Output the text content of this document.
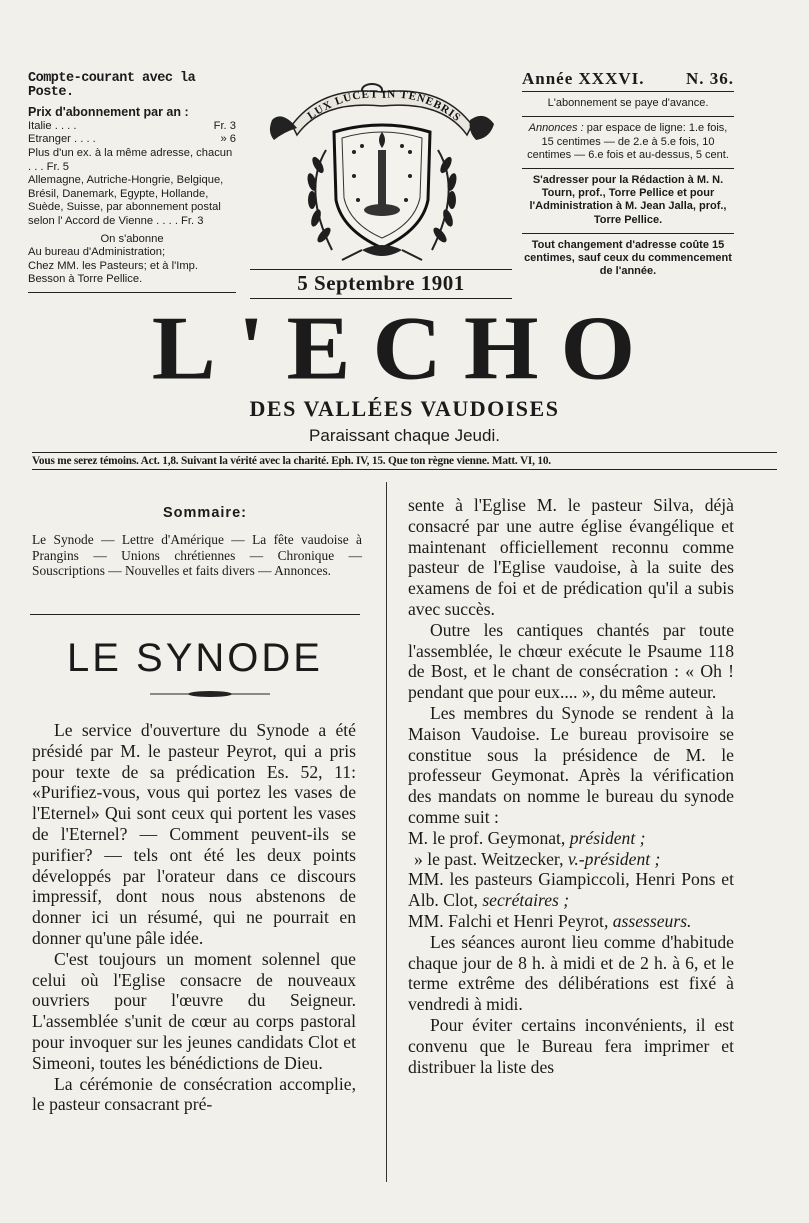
Compte-courant avec la Poste.
Prix d'abonnement par an :
Italie . . . .	Fr. 3
Etranger . . . .	» 6
Plus d'un ex. à la même adresse, chacun . . . Fr. 5
Allemagne, Autriche-Hongrie, Belgique, Brésil, Danemark, Egypte, Hollande, Suède, Suisse, par abonnement postal selon l' Accord de Vienne . . . . Fr. 3
On s'abonne
Au bureau d'Administration;
Chez MM. les Pasteurs; et à l'Imp. Besson à Torre Pellice.
LUX LUCET IN TENEBRIS
5 Septembre 1901
Année XXXVI. N. 36.
L'abonnement se paye d'avance.
Annonces : par espace de ligne: 1.e fois, 15 centimes — de 2.e à 5.e fois, 10 centimes — 6.e fois et au-dessus, 5 cent.
S'adresser pour la Rédaction à M. N. Tourn, prof., Torre Pellice et pour l'Administration à M. Jean Jalla, prof., Torre Pellice.
Tout changement d'adresse coûte 15 centimes, sauf ceux du commencement de l'année.
L'ECHO
DES VALLÉES VAUDOISES
Paraissant chaque Jeudi.
Vous me serez témoins. Act. 1,8. Suivant la vérité avec la charité. Eph. IV, 15. Que ton règne vienne. Matt. VI, 10.
Sommaire:
Le Synode — Lettre d'Amérique — La fête vaudoise à Prangins — Unions chrétiennes — Chronique — Souscriptions — Nouvelles et faits divers — Annonces.
LE SYNODE

Le service d'ouverture du Synode a été présidé par M. le pasteur Peyrot, qui a pris pour texte de sa prédication Es. 52, 11: «Purifiez-vous, vous qui portez les vases de l'Eternel» Qui sont ceux qui portent les vases de l'Eternel? — Comment peuvent-ils se purifier? — tels ont été les deux points développés par l'orateur dans ce discours impressif, dont nous nous abstenons de donner ici un résumé, qui ne pourrait en donner qu'une pâle idée.

C'est toujours un moment solennel que celui où l'Eglise consacre de nouveaux ouvriers pour l'œuvre du Seigneur. L'assemblée s'unit de cœur au corps pastoral pour invoquer sur les jeunes candidats Clot et Simeoni, toutes les bénédictions de Dieu.

La cérémonie de consécration accomplie, le pasteur consacrant pré-

sente à l'Eglise M. le pasteur Silva, déjà consacré par une autre église évangélique et maintenant officiellement reconnu comme pasteur de l'Eglise vaudoise, à la suite des examens de foi et de prédication qu'il a subis avec succès.

Outre les cantiques chantés par toute l'assemblée, le chœur exécute le Psaume 118 de Bost, et le chant de consécration : « Oh ! pendant que pour eux.... », du même auteur.

Les membres du Synode se rendent à la Maison Vaudoise. Le bureau provisoire se constitue sous la présidence de M. le professeur Geymonat. Après la vérification des mandats on nomme le bureau du synode comme suit :

M. le prof. Geymonat, président ;

» le past. Weitzecker, v.-président ;

MM. les pasteurs Giampiccoli, Henri Pons et Alb. Clot, secrétaires ;

MM. Falchi et Henri Peyrot, assesseurs.

Les séances auront lieu comme d'habitude chaque jour de 8 h. à midi et de 2 h. à 6, et le terme extrême des délibérations est fixé à vendredi à midi.

Pour éviter certains inconvénients, il est convenu que le Bureau fera imprimer et distribuer la liste des
